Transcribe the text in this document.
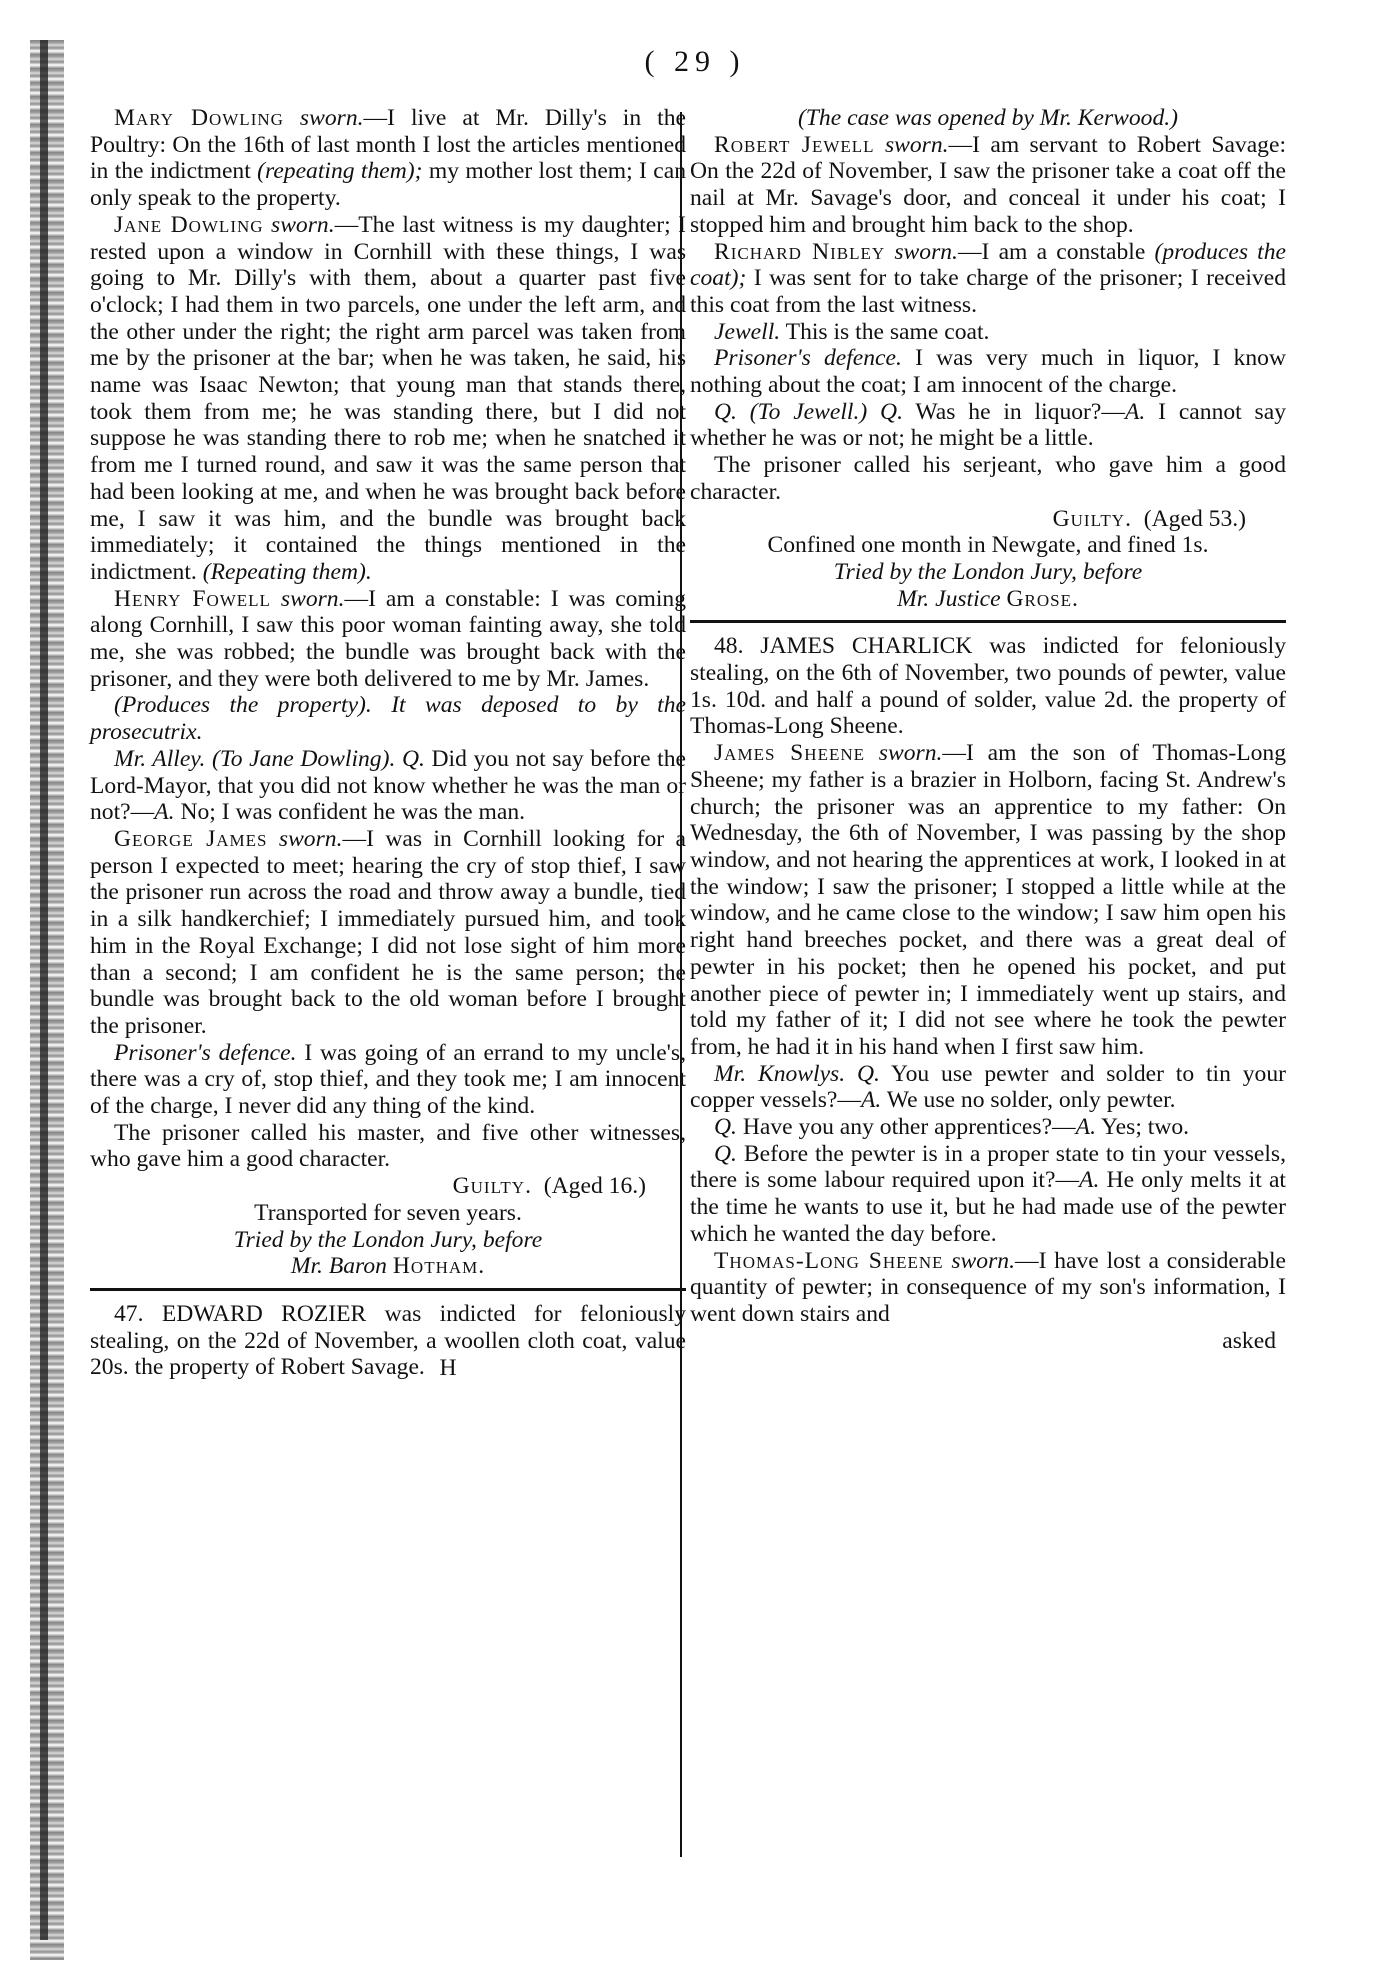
( 29 )

Mary Dowling sworn.—I live at Mr. Dilly's in the Poultry: On the 16th of last month I lost the articles mentioned in the indictment (repeating them); my mother lost them; I can only speak to the property.

Jane Dowling sworn.—The last witness is my daughter; I rested upon a window in Cornhill with these things, I was going to Mr. Dilly's with them, about a quarter past five o'clock; I had them in two parcels, one under the left arm, and the other under the right; the right arm parcel was taken from me by the prisoner at the bar; when he was taken, he said, his name was Isaac Newton; that young man that stands there, took them from me; he was standing there, but I did not suppose he was standing there to rob me; when he snatched it from me I turned round, and saw it was the same person that had been looking at me, and when he was brought back before me, I saw it was him, and the bundle was brought back immediately; it contained the things mentioned in the indictment. (Repeating them).

Henry Fowell sworn.—I am a constable: I was coming along Cornhill, I saw this poor woman fainting away, she told me, she was robbed; the bundle was brought back with the prisoner, and they were both delivered to me by Mr. James.

(Produces the property). It was deposed to by the prosecutrix.

Mr. Alley. (To Jane Dowling). Q. Did you not say before the Lord-Mayor, that you did not know whether he was the man or not?—A. No; I was confident he was the man.

George James sworn.—I was in Cornhill looking for a person I expected to meet; hearing the cry of stop thief, I saw the prisoner run across the road and throw away a bundle, tied in a silk handkerchief; I immediately pursued him, and took him in the Royal Exchange; I did not lose sight of him more than a second; I am confident he is the same person; the bundle was brought back to the old woman before I brought the prisoner.

Prisoner's defence. I was going of an errand to my uncle's, there was a cry of, stop thief, and they took me; I am innocent of the charge, I never did any thing of the kind.

The prisoner called his master, and five other witnesses, who gave him a good character.

Guilty. (Aged 16.)

Transported for seven years.

Tried by the London Jury, before

Mr. Baron Hotham.

47. EDWARD ROZIER was indicted for feloniously stealing, on the 22d of November, a woollen cloth coat, value 20s. the property of Robert Savage. H

(The case was opened by Mr. Kerwood.)

Robert Jewell sworn.—I am servant to Robert Savage: On the 22d of November, I saw the prisoner take a coat off the nail at Mr. Savage's door, and conceal it under his coat; I stopped him and brought him back to the shop.

Richard Nibley sworn.—I am a constable (produces the coat); I was sent for to take charge of the prisoner; I received this coat from the last witness.

Jewell. This is the same coat.

Prisoner's defence. I was very much in liquor, I know nothing about the coat; I am innocent of the charge.

Q. (To Jewell.) Q. Was he in liquor?—A. I cannot say whether he was or not; he might be a little.

The prisoner called his serjeant, who gave him a good character.

Guilty. (Aged 53.)

Confined one month in Newgate, and fined 1s.

Tried by the London Jury, before

Mr. Justice Grose.

48. JAMES CHARLICK was indicted for feloniously stealing, on the 6th of November, two pounds of pewter, value 1s. 10d. and half a pound of solder, value 2d. the property of Thomas-Long Sheene.

James Sheene sworn.—I am the son of Thomas-Long Sheene; my father is a brazier in Holborn, facing St. Andrew's church; the prisoner was an apprentice to my father: On Wednesday, the 6th of November, I was passing by the shop window, and not hearing the apprentices at work, I looked in at the window; I saw the prisoner; I stopped a little while at the window, and he came close to the window; I saw him open his right hand breeches pocket, and there was a great deal of pewter in his pocket; then he opened his pocket, and put another piece of pewter in; I immediately went up stairs, and told my father of it; I did not see where he took the pewter from, he had it in his hand when I first saw him.

Mr. Knowlys. Q. You use pewter and solder to tin your copper vessels?—A. We use no solder, only pewter.

Q. Have you any other apprentices?—A. Yes; two.

Q. Before the pewter is in a proper state to tin your vessels, there is some labour required upon it?—A. He only melts it at the time he wants to use it, but he had made use of the pewter which he wanted the day before.

Thomas-Long Sheene sworn.—I have lost a considerable quantity of pewter; in consequence of my son's information, I went down stairs and

asked
